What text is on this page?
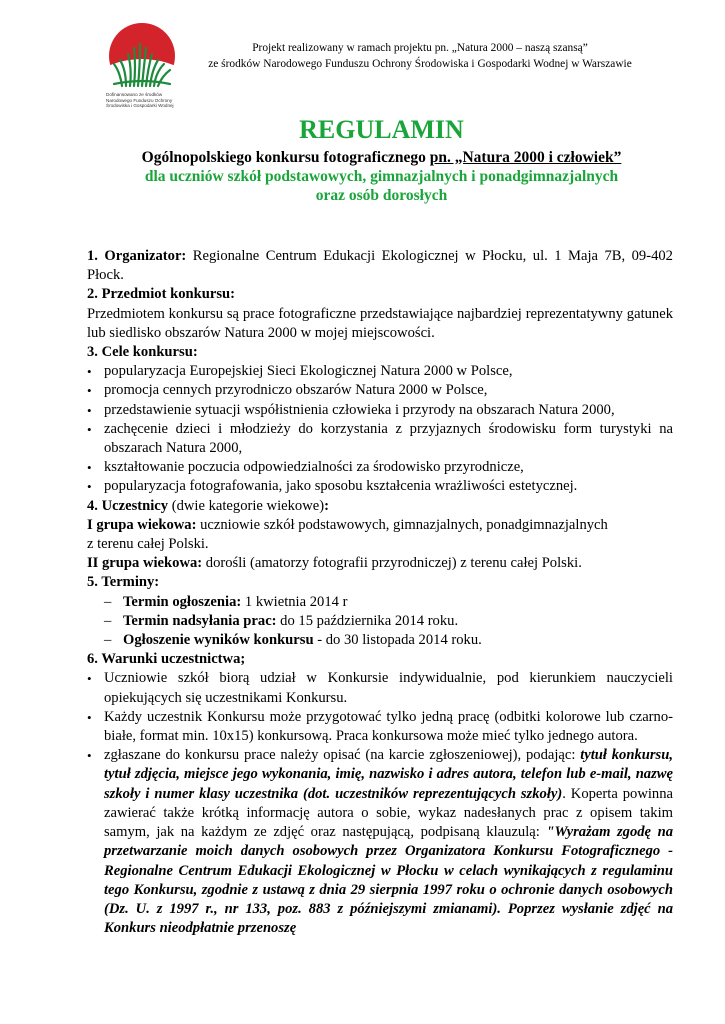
Dofinansowano ze środków
Narodowego Funduszu Ochrony
Środowiska i Gospodarki Wodnej
Projekt realizowany w ramach projektu pn. „Natura 2000 – naszą szansą”
ze środków Narodowego Funduszu Ochrony Środowiska i Gospodarki Wodnej w Warszawie
REGULAMIN
Ogólnopolskiego konkursu fotograficznego pn. „Natura 2000 i człowiek”
dla uczniów szkół podstawowych, gimnazjalnych i ponadgimnazjalnych
oraz osób dorosłych

1. Organizator: Regionalne Centrum Edukacji Ekologicznej w Płocku, ul. 1 Maja 7B, 09-402 Płock.

2. Przedmiot konkursu:

Przedmiotem konkursu są prace fotograficzne przedstawiające najbardziej reprezentatywny gatunek lub siedlisko obszarów Natura 2000 w mojej miejscowości.

3. Cele konkursu:

• popularyzacja Europejskiej Sieci Ekologicznej Natura 2000 w Polsce,
• promocja cennych przyrodniczo obszarów Natura 2000 w Polsce,
• przedstawienie sytuacji współistnienia człowieka i przyrody na obszarach Natura 2000,
• zachęcenie dzieci i młodzieży do korzystania z przyjaznych środowisku form turystyki na obszarach Natura 2000,
• kształtowanie poczucia odpowiedzialności za środowisko przyrodnicze,
• popularyzacja fotografowania, jako sposobu kształcenia wrażliwości estetycznej.

4. Uczestnicy (dwie kategorie wiekowe):

I grupa wiekowa: uczniowie szkół podstawowych, gimnazjalnych, ponadgimnazjalnych
z terenu całej Polski.

II grupa wiekowa: dorośli (amatorzy fotografii przyrodniczej) z terenu całej Polski.

5. Terminy:

– Termin ogłoszenia: 1 kwietnia 2014 r
– Termin nadsyłania prac: do 15 października 2014 roku.
– Ogłoszenie wyników konkursu - do 30 listopada 2014 roku.

6. Warunki uczestnictwa;

• Uczniowie szkół biorą udział w Konkursie indywidualnie, pod kierunkiem nauczycieli opiekujących się uczestnikami Konkursu.
• Każdy uczestnik Konkursu może przygotować tylko jedną pracę (odbitki kolorowe lub czarno-białe, format min. 10x15) konkursową. Praca konkursowa może mieć tylko jednego autora.
• zgłaszane do konkursu prace należy opisać (na karcie zgłoszeniowej), podając: tytuł konkursu, tytuł zdjęcia, miejsce jego wykonania, imię, nazwisko i adres autora, telefon lub e-mail, nazwę szkoły i numer klasy uczestnika (dot. uczestników reprezentujących szkoły). Koperta powinna zawierać także krótką informację autora o sobie, wykaz nadesłanych prac z opisem takim samym, jak na każdym ze zdjęć oraz następującą, podpisaną klauzulą: "Wyrażam zgodę na przetwarzanie moich danych osobowych przez Organizatora Konkursu Fotograficznego - Regionalne Centrum Edukacji Ekologicznej w Płocku w celach wynikających z regulaminu tego Konkursu, zgodnie z ustawą z dnia 29 sierpnia 1997 roku o ochronie danych osobowych (Dz. U. z 1997 r., nr 133, poz. 883 z późniejszymi zmianami). Poprzez wysłanie zdjęć na Konkurs nieodpłatnie przenoszę
